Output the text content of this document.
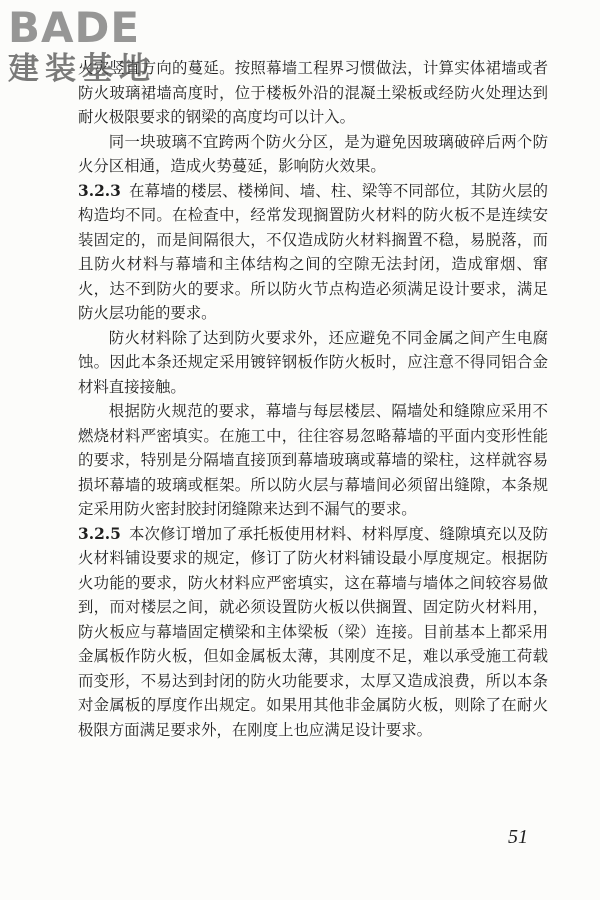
BADE
建装基地

火灾竖直方向的蔓延。按照幕墙工程界习惯做法，计算实体裙墙或者防火玻璃裙墙高度时，位于楼板外沿的混凝土梁板或经防火处理达到耐火极限要求的钢梁的高度均可以计入。

同一块玻璃不宜跨两个防火分区，是为避免因玻璃破碎后两个防火分区相通，造成火势蔓延，影响防火效果。

3.2.3 在幕墙的楼层、楼梯间、墙、柱、梁等不同部位，其防火层的构造均不同。在检查中，经常发现搁置防火材料的防火板不是连续安装固定的，而是间隔很大，不仅造成防火材料搁置不稳，易脱落，而且防火材料与幕墙和主体结构之间的空隙无法封闭，造成窜烟、窜火，达不到防火的要求。所以防火节点构造必须满足设计要求，满足防火层功能的要求。

防火材料除了达到防火要求外，还应避免不同金属之间产生电腐蚀。因此本条还规定采用镀锌钢板作防火板时，应注意不得同铝合金材料直接接触。

根据防火规范的要求，幕墙与每层楼层、隔墙处和缝隙应采用不燃烧材料严密填实。在施工中，往往容易忽略幕墙的平面内变形性能的要求，特别是分隔墙直接顶到幕墙玻璃或幕墙的梁柱，这样就容易损坏幕墙的玻璃或框架。所以防火层与幕墙间必须留出缝隙，本条规定采用防火密封胶封闭缝隙来达到不漏气的要求。

3.2.5 本次修订增加了承托板使用材料、材料厚度、缝隙填充以及防火材料铺设要求的规定，修订了防火材料铺设最小厚度规定。根据防火功能的要求，防火材料应严密填实，这在幕墙与墙体之间较容易做到，而对楼层之间，就必须设置防火板以供搁置、固定防火材料用，防火板应与幕墙固定横梁和主体梁板（梁）连接。目前基本上都采用金属板作防火板，但如金属板太薄，其刚度不足，难以承受施工荷载而变形，不易达到封闭的防火功能要求，太厚又造成浪费，所以本条对金属板的厚度作出规定。如果用其他非金属防火板，则除了在耐火极限方面满足要求外，在刚度上也应满足设计要求。

51
